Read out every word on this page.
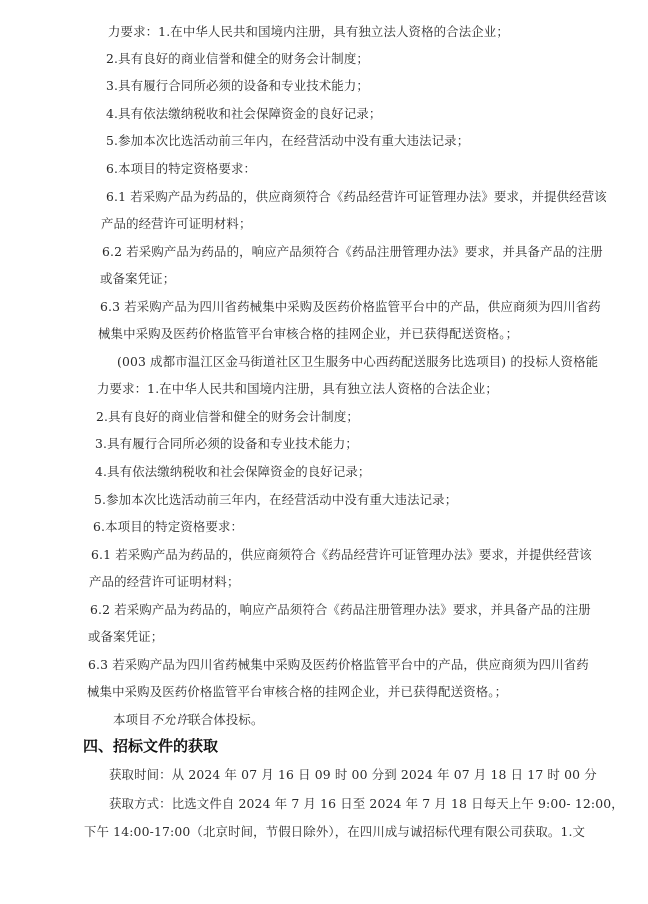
力要求：1.在中华人民共和国境内注册，具有独立法人资格的合法企业；
2.具有良好的商业信誉和健全的财务会计制度；
3.具有履行合同所必须的设备和专业技术能力；
4.具有依法缴纳税收和社会保障资金的良好记录；
5.参加本次比选活动前三年内，在经营活动中没有重大违法记录；
6.本项目的特定资格要求：
6.1 若采购产品为药品的，供应商须符合《药品经营许可证管理办法》要求，并提供经营该
产品的经营许可证明材料；
6.2 若采购产品为药品的，响应产品须符合《药品注册管理办法》要求，并具备产品的注册
或备案凭证；
6.3 若采购产品为四川省药械集中采购及医药价格监管平台中的产品，供应商须为四川省药
械集中采购及医药价格监管平台审核合格的挂网企业，并已获得配送资格。；
(003 成都市温江区金马街道社区卫生服务中心西药配送服务比选项目) 的投标人资格能
力要求：1.在中华人民共和国境内注册，具有独立法人资格的合法企业；
2.具有良好的商业信誉和健全的财务会计制度；
3.具有履行合同所必须的设备和专业技术能力；
4.具有依法缴纳税收和社会保障资金的良好记录；
5.参加本次比选活动前三年内，在经营活动中没有重大违法记录；
6.本项目的特定资格要求：
6.1 若采购产品为药品的，供应商须符合《药品经营许可证管理办法》要求，并提供经营该
产品的经营许可证明材料；
6.2 若采购产品为药品的，响应产品须符合《药品注册管理办法》要求，并具备产品的注册
或备案凭证；
6.3 若采购产品为四川省药械集中采购及医药价格监管平台中的产品，供应商须为四川省药
械集中采购及医药价格监管平台审核合格的挂网企业，并已获得配送资格。；
本项目不允许联合体投标。
四、招标文件的获取
获取时间：从 2024 年 07 月 16 日 09 时 00 分到 2024 年 07 月 18 日 17 时 00 分
获取方式：比选文件自 2024 年 7 月 16 日至 2024 年 7 月 18 日每天上午 9:00- 12:00，
下午 14:00-17:00（北京时间，节假日除外），在四川成与诚招标代理有限公司获取。1.文
